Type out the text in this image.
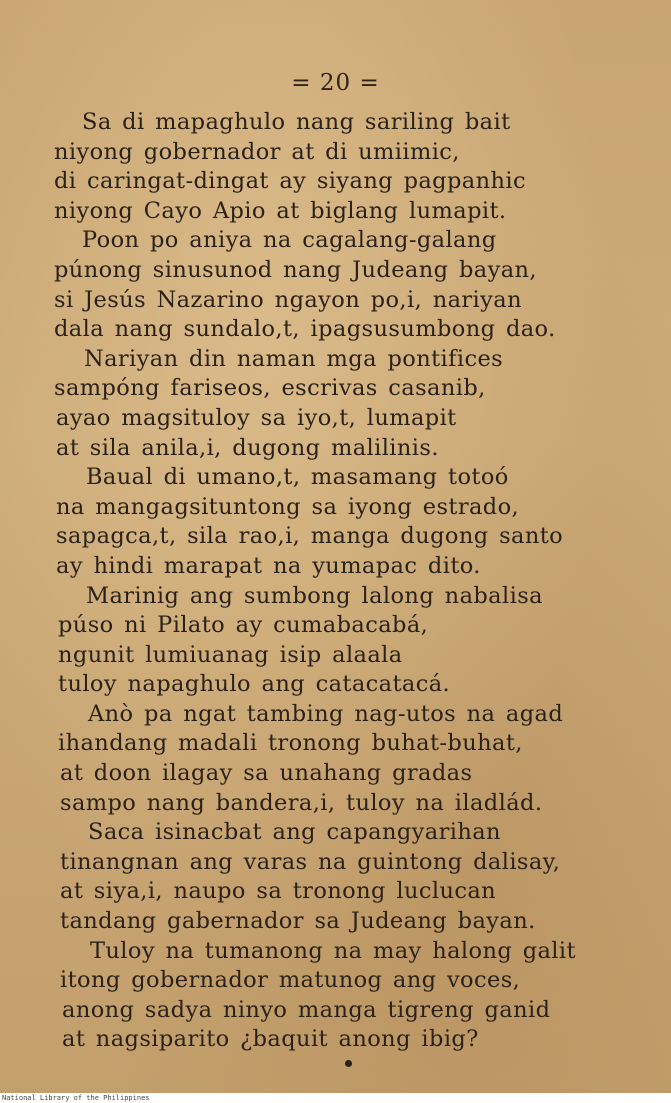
= 20 =
Sa di mapaghulo nang sariling bait
niyong gobernador at di umiimic,
di caringat-dingat ay siyang pagpanhic
niyong Cayo Apio at biglang lumapit.
Poon po aniya na cagalang-galang
púnong sinusunod nang Judeang bayan,
si Jesús Nazarino ngayon po,i, nariyan
dala nang sundalo,t, ipagsusumbong dao.
Nariyan din naman mga pontifices
sampóng fariseos, escrivas casanib,
ayao magsituloy sa iyo,t, lumapit
at sila anila,i, dugong malilinis.
Baual di umano,t, masamang totoó
na mangagsituntong sa iyong estrado,
sapagca,t, sila rao,i, manga dugong santo
ay hindi marapat na yumapac dito.
Marinig ang sumbong lalong nabalisa
púso ni Pilato ay cumabacabá,
ngunit lumiuanag isip alaala
tuloy napaghulo ang catacatacá.
Anò pa ngat tambing nag-utos na agad
ihandang madali tronong buhat-buhat,
at doon ilagay sa unahang gradas
sampo nang bandera,i, tuloy na iladlád.
Saca isinacbat ang capangyarihan
tinangnan ang varas na guintong dalisay,
at siya,i, naupo sa tronong luclucan
tandang gabernador sa Judeang bayan.
Tuloy na tumanong na may halong galit
itong gobernador matunog ang voces,
anong sadya ninyo manga tigreng ganid
at nagsiparito ¿baquit anong ibig?
National Library of the Philippines
